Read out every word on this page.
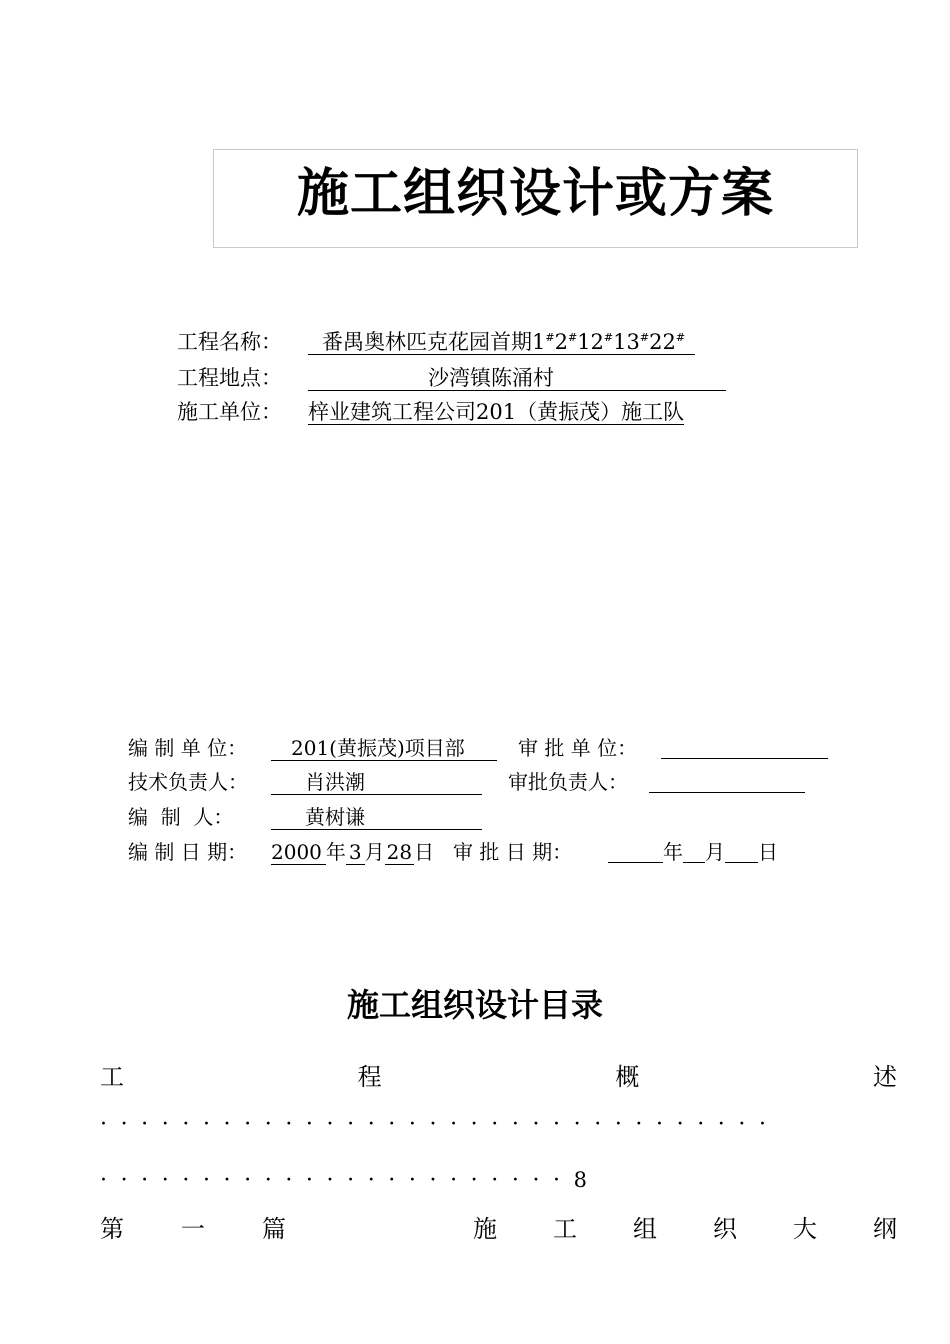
施工组织设计或方案
工程名称： 番禺奥林匹克花园首期1#2#12#13#22#
工程地点：	沙湾镇陈涌村
施工单位： 梓业建筑工程公司201（黄振茂）施工队
编 制 单 位： 201(黄振茂)项目部	审 批 单 位：
技术负责人：	肖洪潮	审批负责人：
编  制  人：	黄树谦
编 制 日 期： 2000 年 3 月 28 日 审 批 日 期：	年 月 日
施工组织设计目录
工	程	概	述
·································
·······················8
第 一 篇	施 工 组 织 大 纲
